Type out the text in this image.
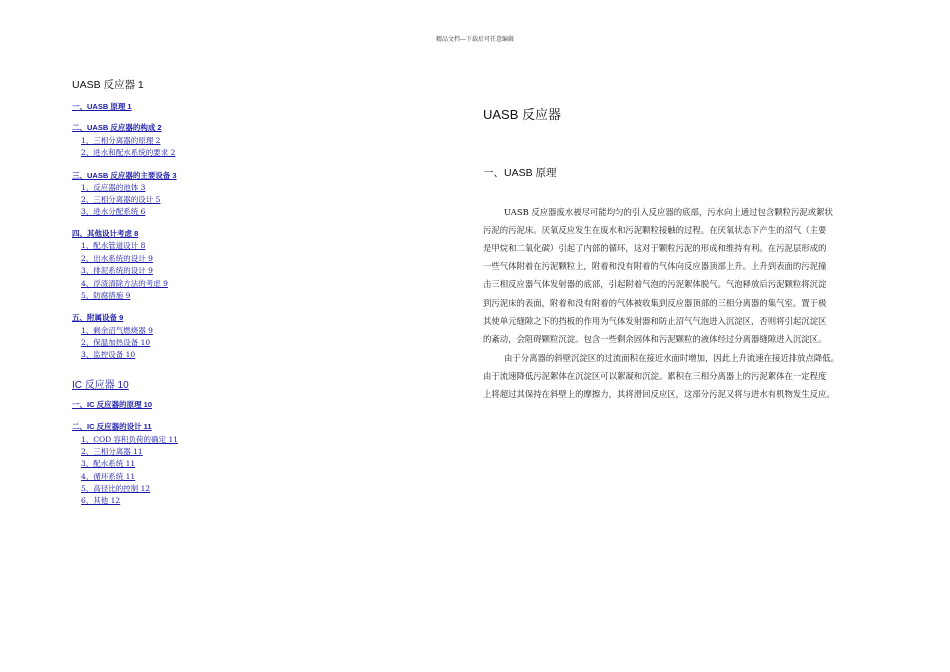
精品文档---下载后可任意编辑
UASB 反应器 1
一、UASB 原理 1
二、UASB 反应器的构成 2
1、三相分离器的原理 2
2、进水和配水系统的要求 2
三、UASB 反应器的主要设备 3
1、反应器的池体 3
2、三相分离器的设计 5
3、进水分配系统 6
四、其他设计考虑 8
1、配水管道设计 8
2、出水系统的设计 9
3、排泥系统的设计 9
4、浮渣清除方法的考虑 9
5、防腐措施 9
五、附属设备 9
1、剩余沼气燃烧器 9
2、保温加热设备 10
3、监控设备 10
IC 反应器 10
一、IC 反应器的原理 10
二、IC 反应器的设计 11
1、COD 容积负荷的确定 11
2、三相分离器 11
3、配水系统 11
4、循环系统 11
5、高径比的控制 12
6、其他 12
UASB 反应器
一、UASB 原理
UASB 反应器废水被尽可能均匀的引入反应器的底部，污水向上通过包含颗粒污泥或絮状
污泥的污泥床。厌氧反应发生在废水和污泥颗粒接触的过程。在厌氧状态下产生的沼气（主要
是甲烷和二氧化碳）引起了内部的循环，这对于颗粒污泥的形成和维持有利。在污泥层形成的
一些气体附着在污泥颗粒上，附着和没有附着的气体向反应器顶部上升。上升到表面的污泥撞
击三相反应器气体发射器的底部，引起附着气泡的污泥絮体脱气。气泡释放后污泥颗粒将沉淀
到污泥床的表面，附着和没有附着的气体被收集到反应器顶部的三相分离器的集气室。置于极
其使单元缝隙之下的挡板的作用为气体发射器和防止沼气气泡进入沉淀区，否则将引起沉淀区
的紊动，会阻碍颗粒沉淀。包含一些剩余固体和污泥颗粒的液体经过分离器缝隙进入沉淀区。
由于分离器的斜壁沉淀区的过流面积在接近水面时增加，因此上升流速在接近排放点降低。
由于流速降低污泥絮体在沉淀区可以絮凝和沉淀。累积在三相分离器上的污泥絮体在一定程度
上将超过其保持在斜壁上的摩擦力，其将滑回反应区，这部分污泥又将与进水有机物发生反应。
